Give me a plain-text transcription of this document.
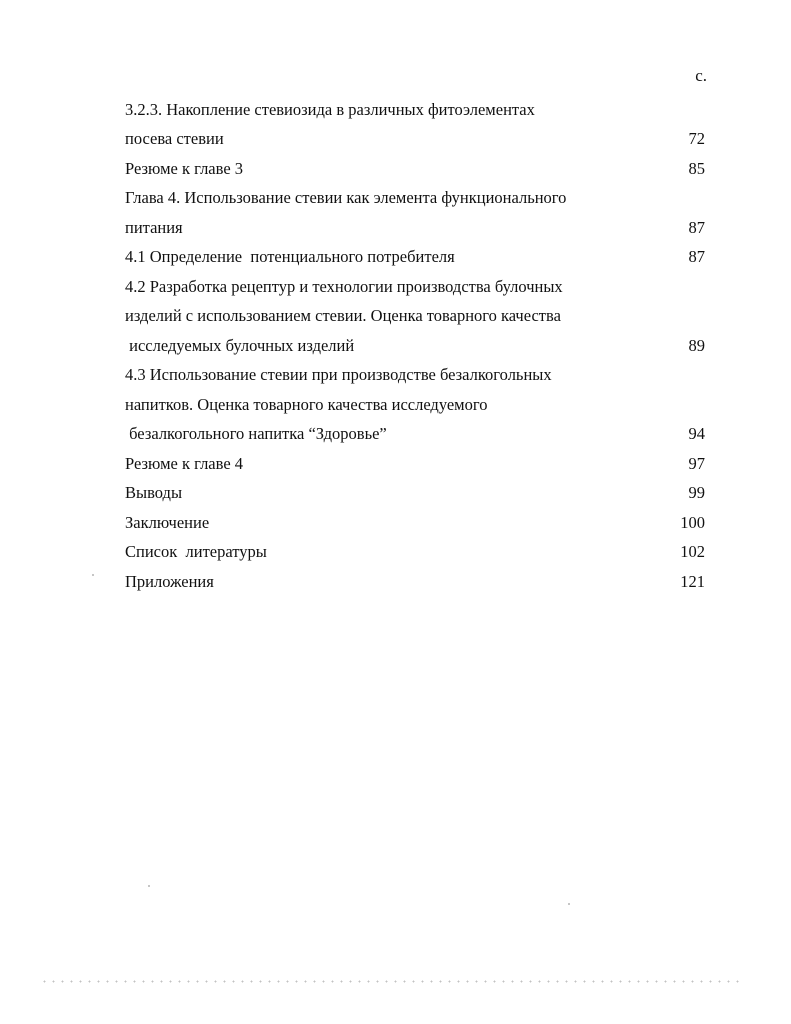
с.
3.2.3. Накопление стевиозида в различных фитоэлементах
посева стевии	72
Резюме к главе 3	85
Глава 4. Использование стевии как элемента функционального
питания	87
4.1 Определение  потенциального потребителя	87
4.2 Разработка рецептур и технологии производства булочных
изделий с использованием стевии. Оценка товарного качества
исследуемых булочных изделий	89
4.3 Использование стевии при производстве безалкогольных
напитков. Оценка товарного качества исследуемого
безалкогольного напитка “Здоровье”	94
Резюме к главе 4	97
Выводы	99
Заключение	100
Список  литературы	102
Приложения	121
